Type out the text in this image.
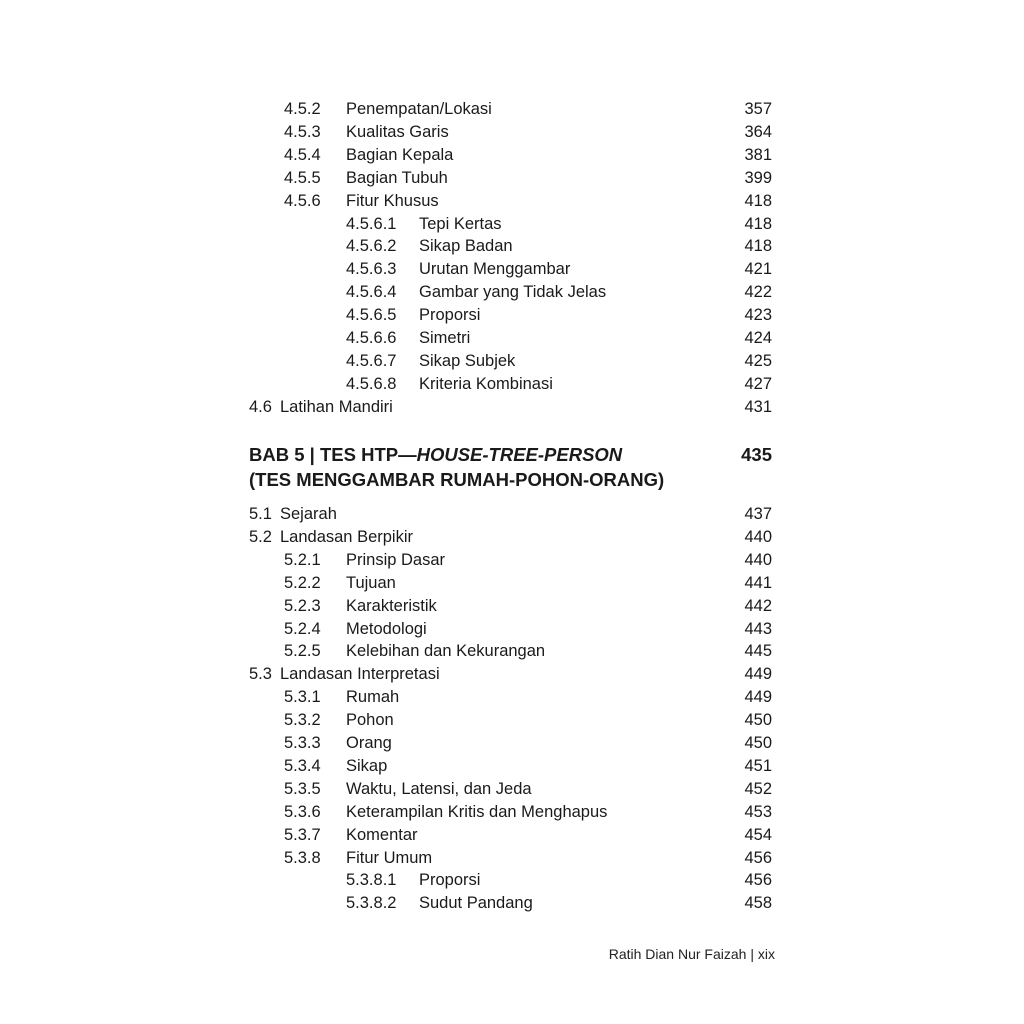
4.5.2 Penempatan/Lokasi	357
4.5.3 Kualitas Garis	364
4.5.4 Bagian Kepala	381
4.5.5 Bagian Tubuh	399
4.5.6 Fitur Khusus	418
4.5.6.1 Tepi Kertas	418
4.5.6.2 Sikap Badan	418
4.5.6.3 Urutan Menggambar	421
4.5.6.4 Gambar yang Tidak Jelas	422
4.5.6.5 Proporsi	423
4.5.6.6 Simetri	424
4.5.6.7 Sikap Subjek	425
4.5.6.8 Kriteria Kombinasi	427
4.6 Latihan Mandiri	431
BAB 5 | TES HTP—HOUSE-TREE-PERSON	435
(TES MENGGAMBAR RUMAH-POHON-ORANG)
5.1 Sejarah	437
5.2 Landasan Berpikir	440
5.2.1 Prinsip Dasar	440
5.2.2 Tujuan	441
5.2.3 Karakteristik	442
5.2.4 Metodologi	443
5.2.5 Kelebihan dan Kekurangan	445
5.3 Landasan Interpretasi	449
5.3.1 Rumah	449
5.3.2 Pohon	450
5.3.3 Orang	450
5.3.4 Sikap	451
5.3.5 Waktu, Latensi, dan Jeda	452
5.3.6 Keterampilan Kritis dan Menghapus	453
5.3.7 Komentar	454
5.3.8 Fitur Umum	456
5.3.8.1 Proporsi	456
5.3.8.2 Sudut Pandang	458
Ratih Dian Nur Faizah | xix
